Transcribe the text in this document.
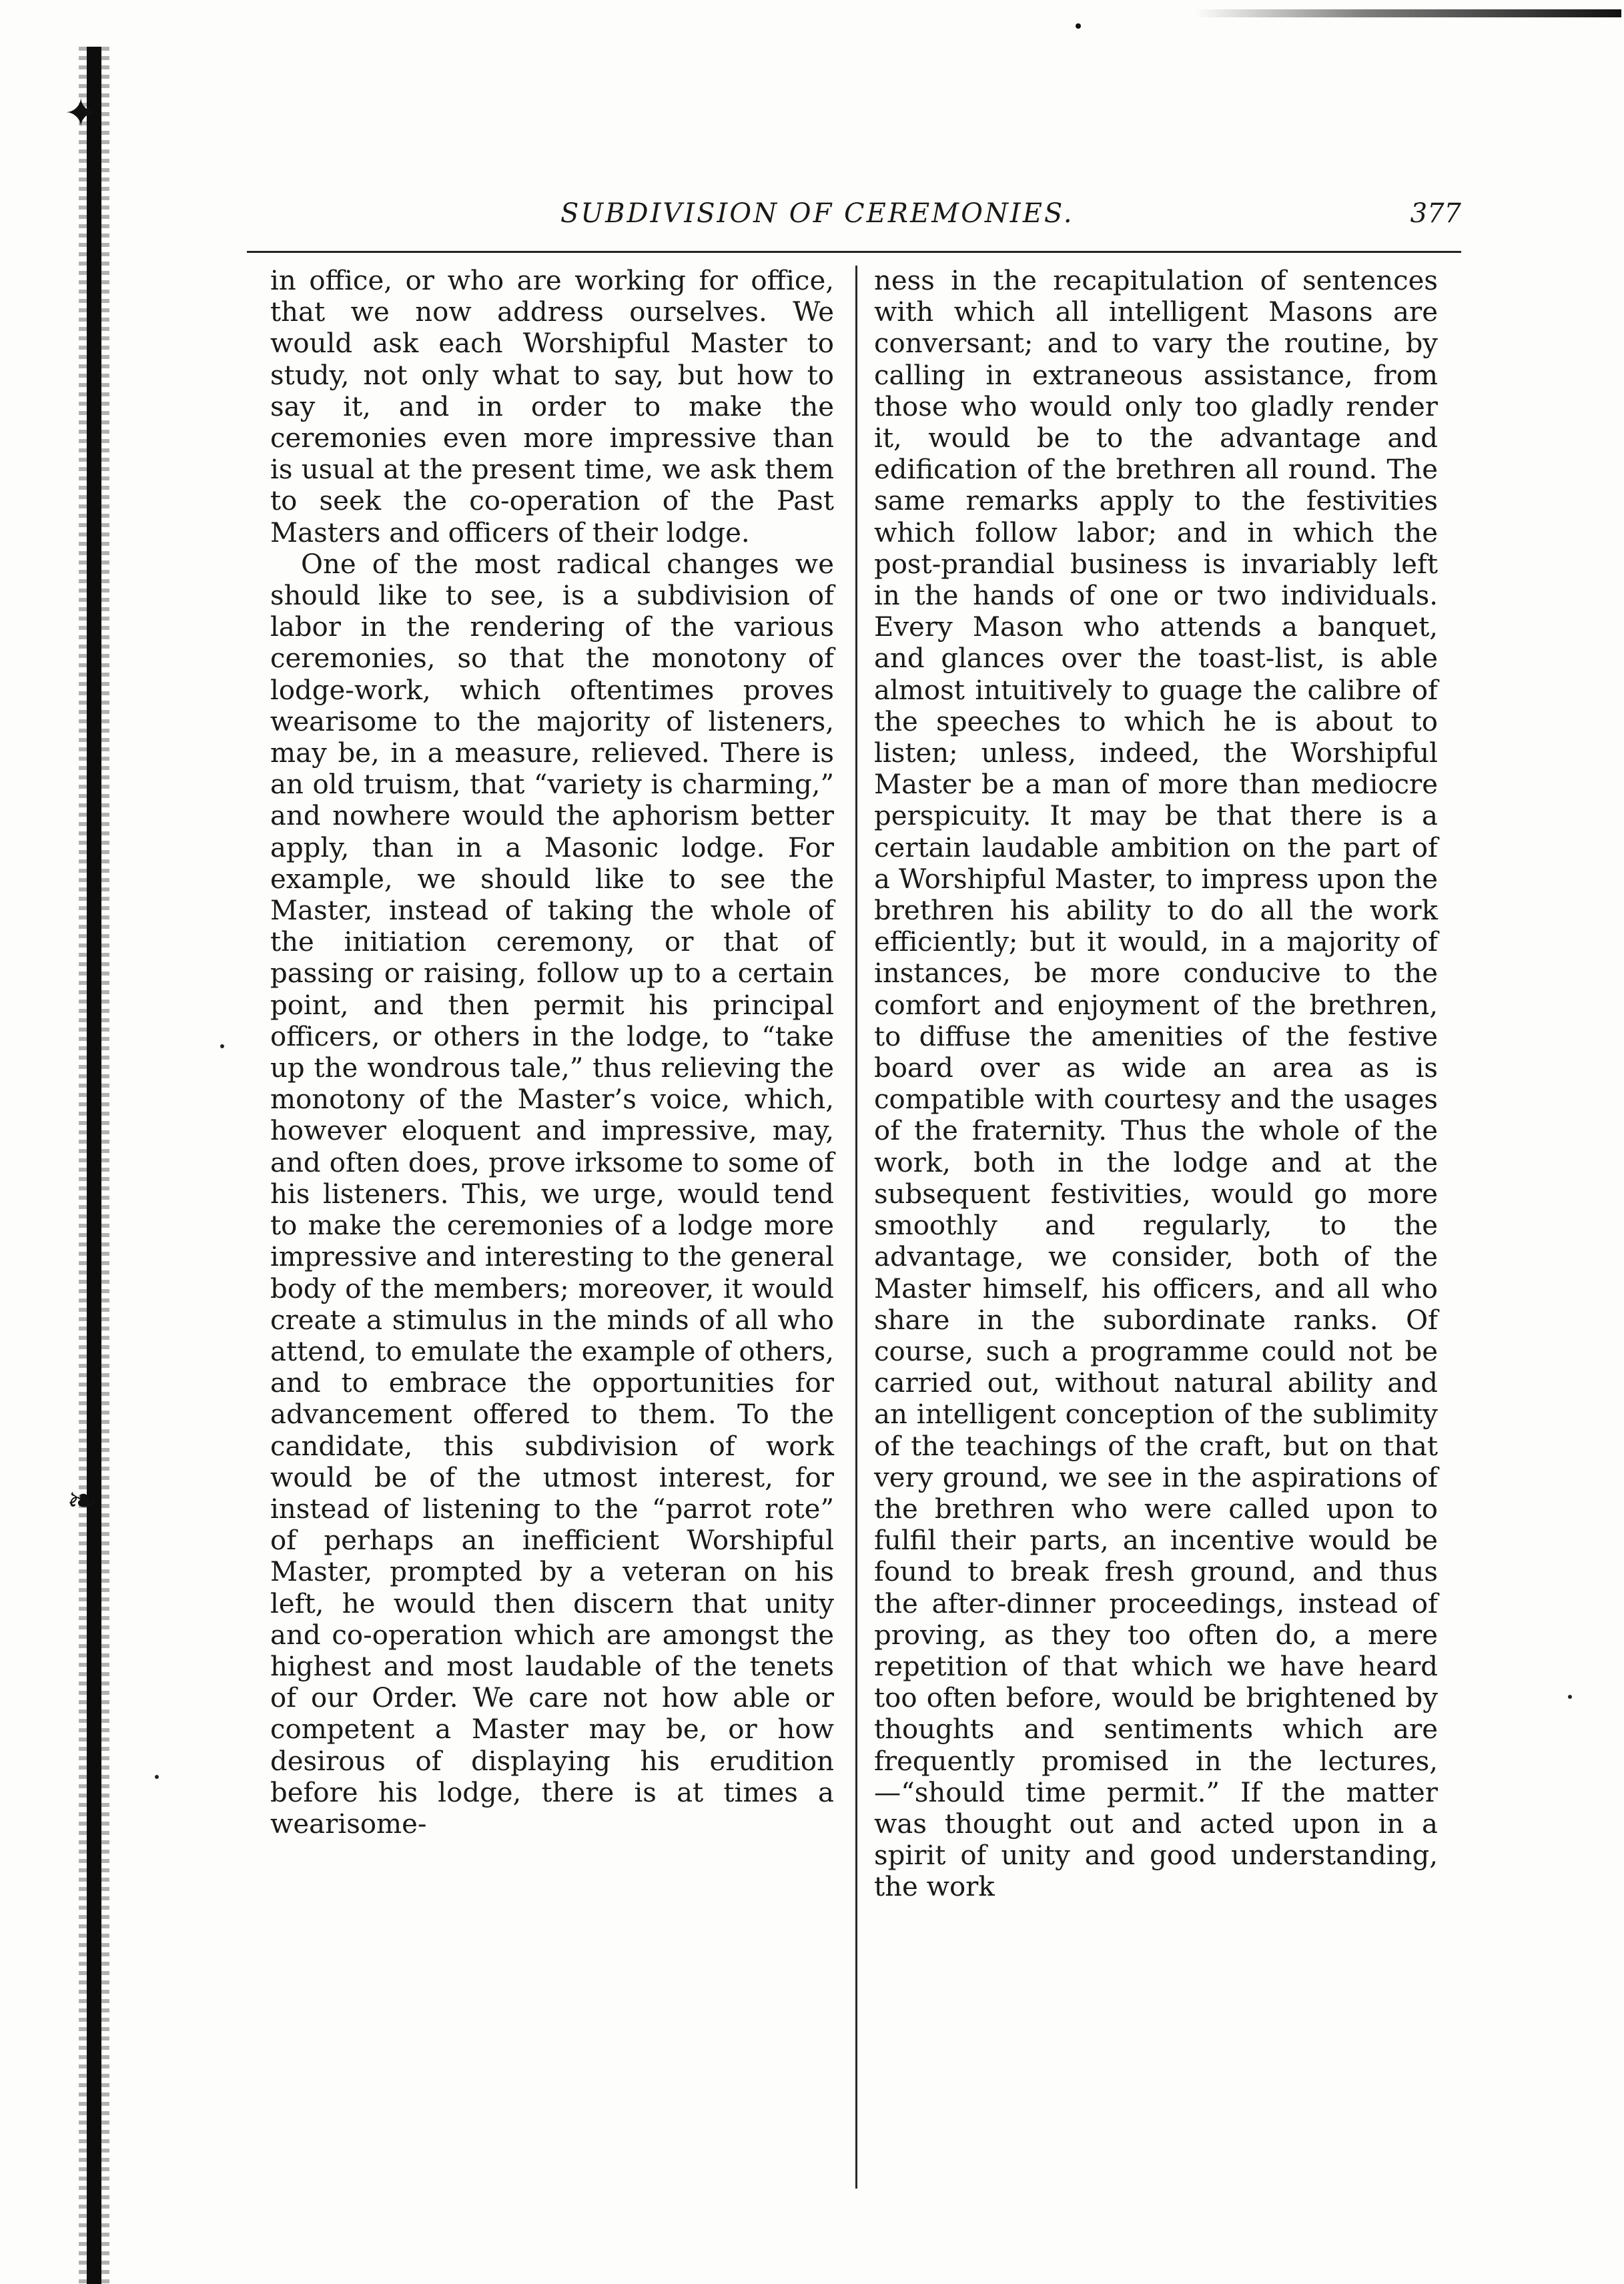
✦
❧
SUBDIVISION OF CEREMONIES.	377

in office, or who are working for office, that we now address ourselves. We would ask each Worshipful Master to study, not only what to say, but how to say it, and in order to make the ceremonies even more impressive than is usual at the present time, we ask them to seek the co-operation of the Past Masters and officers of their lodge.

One of the most radical changes we should like to see, is a subdivision of labor in the rendering of the various ceremonies, so that the monotony of lodge-work, which oftentimes proves wearisome to the majority of listeners, may be, in a measure, relieved. There is an old truism, that “variety is charming,” and nowhere would the aphorism better apply, than in a Masonic lodge. For example, we should like to see the Master, instead of taking the whole of the initiation ceremony, or that of passing or raising, follow up to a certain point, and then permit his principal officers, or others in the lodge, to “take up the wondrous tale,” thus relieving the monotony of the Master’s voice, which, however eloquent and impressive, may, and often does, prove irksome to some of his listeners. This, we urge, would tend to make the ceremonies of a lodge more impressive and interesting to the general body of the members; moreover, it would create a stimulus in the minds of all who attend, to emulate the example of others, and to embrace the opportunities for advancement offered to them. To the candidate, this subdivision of work would be of the utmost interest, for instead of listening to the “parrot rote” of perhaps an inefficient Worshipful Master, prompted by a veteran on his left, he would then discern that unity and co-operation which are amongst the highest and most laudable of the tenets of our Order. We care not how able or competent a Master may be, or how desirous of displaying his erudition before his lodge, there is at times a wearisome-

ness in the recapitulation of sentences with which all intelligent Masons are conversant; and to vary the routine, by calling in extraneous assistance, from those who would only too gladly render it, would be to the advantage and edification of the brethren all round. The same remarks apply to the festivities which follow labor; and in which the post-prandial business is invariably left in the hands of one or two individuals. Every Mason who attends a banquet, and glances over the toast-list, is able almost intuitively to guage the calibre of the speeches to which he is about to listen; unless, indeed, the Worshipful Master be a man of more than mediocre perspicuity. It may be that there is a certain laudable ambition on the part of a Worshipful Master, to impress upon the brethren his ability to do all the work efficiently; but it would, in a majority of instances, be more conducive to the comfort and enjoyment of the brethren, to diffuse the amenities of the festive board over as wide an area as is compatible with courtesy and the usages of the fraternity. Thus the whole of the work, both in the lodge and at the subsequent festivities, would go more smoothly and regularly, to the advantage, we consider, both of the Master himself, his officers, and all who share in the subordinate ranks. Of course, such a programme could not be carried out, without natural ability and an intelligent conception of the sublimity of the teachings of the craft, but on that very ground, we see in the aspirations of the brethren who were called upon to fulfil their parts, an incentive would be found to break fresh ground, and thus the after-dinner proceedings, instead of proving, as they too often do, a mere repetition of that which we have heard too often before, would be brightened by thoughts and sentiments which are frequently promised in the lectures,—“should time permit.” If the matter was thought out and acted upon in a spirit of unity and good understanding, the work
